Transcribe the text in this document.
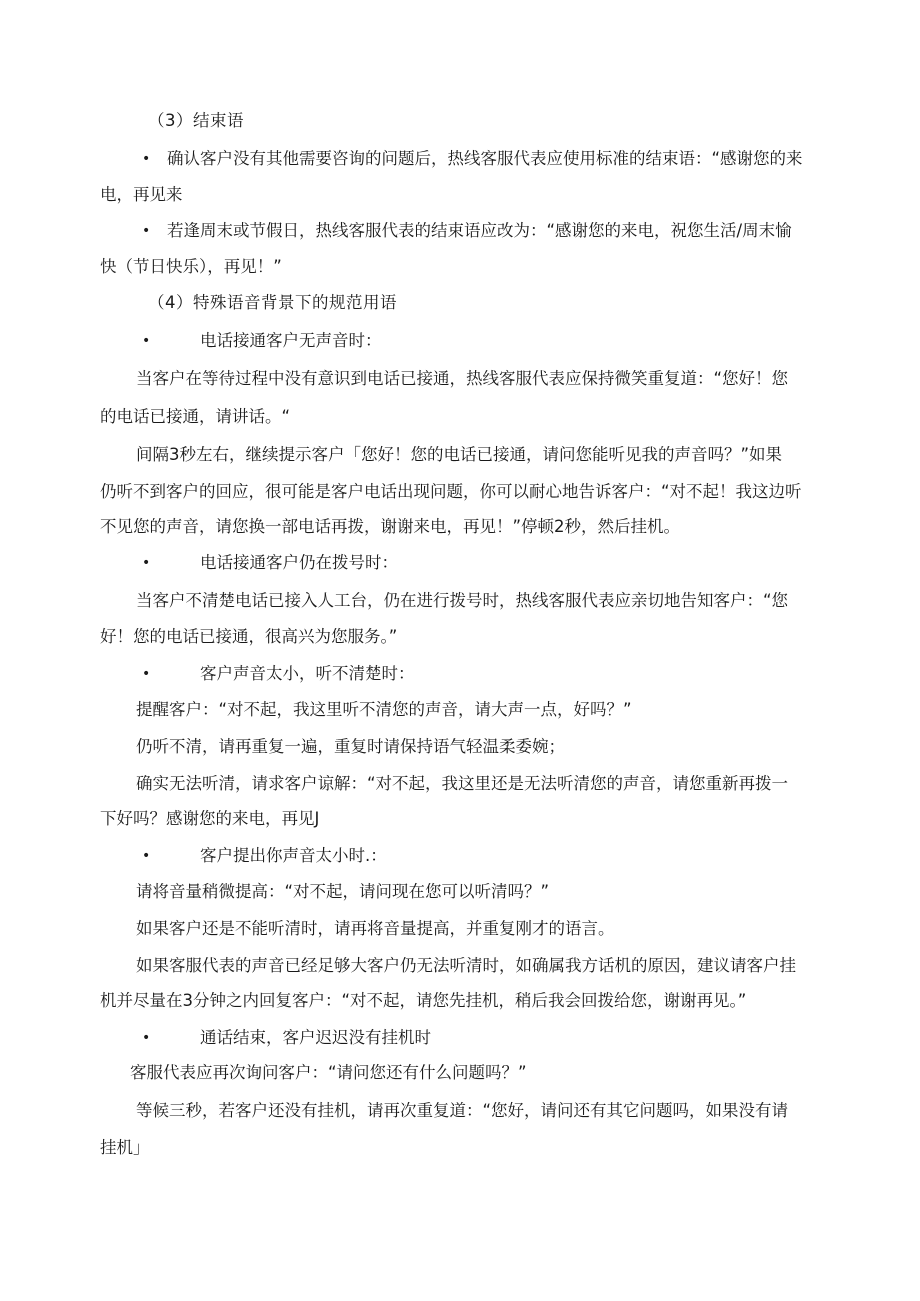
（3）结束语
• 确认客户没有其他需要咨询的问题后，热线客服代表应使用标准的结束语：“感谢您的来
电，再见来
• 若逢周末或节假日，热线客服代表的结束语应改为：“感谢您的来电，祝您生活/周末愉
快（节日快乐），再见！”
（4）特殊语音背景下的规范用语
•	电话接通客户无声音时：
当客户在等待过程中没有意识到电话已接通，热线客服代表应保持微笑重复道：“您好！您
的电话已接通，请讲话。“
间隔3秒左右，继续提示客户「您好！您的电话已接通，请问您能听见我的声音吗？”如果
仍听不到客户的回应，很可能是客户电话出现问题，你可以耐心地告诉客户：“对不起！我这边听
不见您的声音，请您换一部电话再拨，谢谢来电，再见！”停顿2秒，然后挂机。
•	电话接通客户仍在拨号时：
当客户不清楚电话已接入人工台，仍在进行拨号时，热线客服代表应亲切地告知客户：“您
好！您的电话已接通，很高兴为您服务。”
•	客户声音太小，听不清楚时：
提醒客户：“对不起，我这里听不清您的声音，请大声一点，好吗？”
仍听不清，请再重复一遍，重复时请保持语气轻温柔委婉；
确实无法听清，请求客户谅解：“对不起，我这里还是无法听清您的声音，请您重新再拨一
下好吗？感谢您的来电，再见J
•	客户提出你声音太小时.：
请将音量稍微提高：“对不起，请问现在您可以听清吗？”
如果客户还是不能听清时，请再将音量提高，并重复刚才的语言。
如果客服代表的声音已经足够大客户仍无法听清时，如确属我方话机的原因，建议请客户挂
机并尽量在3分钟之内回复客户：“对不起，请您先挂机，稍后我会回拨给您，谢谢再见。”
•	通话结束，客户迟迟没有挂机时
客服代表应再次询问客户：“请问您还有什么问题吗？”
等候三秒，若客户还没有挂机，请再次重复道：“您好，请问还有其它问题吗，如果没有请
挂机」
